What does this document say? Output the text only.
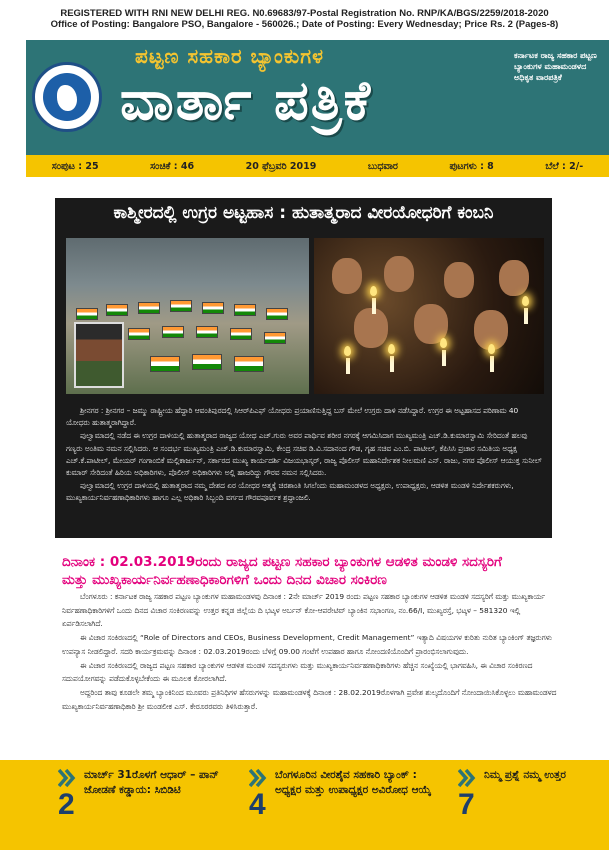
REGISTERED WITH RNI NEW DELHI REG. N0.69683/97-Postal Registration No. RNP/KA/BGS/2259/2018-2020
Office of Posting: Bangalore PSO, Bangalore - 560026.; Date of Posting: Every Wednesday; Price Rs. 2 (Pages-8)
ಪಟ್ಟಣ ಸಹಕಾರ ಬ್ಯಾಂಕುಗಳ
ವಾರ್ತಾ ಪತ್ರಿಕೆ
ಕರ್ನಾಟಕ ರಾಜ್ಯ ಸಹಕಾರ ಪಟ್ಟಣ ಬ್ಯಾಂಕುಗಳ ಮಹಾಮಂಡಳದ ಅಧಿಕೃತ ವಾರಪತ್ರಿಕೆ
ಸಂಪುಟ : 25	ಸಂಚಿಕೆ : 46	20 ಫೆಬ್ರವರಿ 2019	ಬುಧವಾರ	ಪುಟಗಳು : 8	ಬೆಲೆ : 2/-
ಕಾಶ್ಮೀರದಲ್ಲಿ ಉಗ್ರರ ಅಟ್ಟಹಾಸ : ಹುತಾತ್ಮರಾದ ವೀರಯೋಧರಿಗೆ ಕಂಬನಿ

ಶ್ರೀನಗರ : ಶ್ರೀನಗರ – ಜಮ್ಮು ರಾಷ್ಟ್ರೀಯ ಹೆದ್ದಾರಿ ಆವಂತಿಪುರದಲ್ಲಿ ಸಿಆರ್‌ಪಿಎಫ್ ಯೋಧರು ಪ್ರಯಾಣಿಸುತ್ತಿದ್ದ ಬಸ್ ಮೇಲೆ ಉಗ್ರರು ದಾಳಿ ನಡೆಸಿದ್ದಾರೆ. ಉಗ್ರರ ಈ ಅಟ್ಟಹಾಸದ ಪರಿಣಾಮ 40 ಯೋಧರು ಹುತಾತ್ಮರಾಗಿದ್ದಾರೆ.

ಪುಲ್ವಾಮಾದಲ್ಲಿ ನಡೆದ ಈ ಉಗ್ರರ ದಾಳಿಯಲ್ಲಿ ಹುತಾತ್ಮರಾದ ರಾಜ್ಯದ ಯೋಧ ಎಚ್.ಗುರು ಅವರ ಪಾರ್ಥಿವ ಶರೀರ ನಗರಕ್ಕೆ ಆಗಮಿಸಿದಾಗ ಮುಖ್ಯಮಂತ್ರಿ ಎಚ್.ಡಿ.ಕುಮಾರಸ್ವಾಮಿ ಸೇರಿದಂತೆ ಹಲವು ಗಣ್ಯರು ಅಂತಿಮ ನಮನ ಸಲ್ಲಿಸಿದರು. ಆ ಸಂದರ್ಭ ಮುಖ್ಯಮಂತ್ರಿ ಎಚ್.ಡಿ.ಕುಮಾರಸ್ವಾಮಿ, ಕೇಂದ್ರ ಸಚಿವ ಡಿ.ವಿ.ಸದಾನಂದ ಗೌಡ, ಗೃಹ ಸಚಿವ ಎಂ.ಬಿ. ಪಾಟೀಲ್, ಕೆಪಿಸಿಸಿ ಪ್ರಚಾರ ಸಮಿತಿಯ ಅಧ್ಯಕ್ಷ ಎಚ್.ಕೆ.ಪಾಟೀಲ್, ಮೇಯರ್ ಗಂಗಾಂಬಿಕೆ ಮಲ್ಲಿಕಾರ್ಜುನ್, ಸರ್ಕಾರದ ಮುಖ್ಯ ಕಾರ್ಯದರ್ಶಿ ವಿಜಯಭಾಸ್ಕರ್, ರಾಜ್ಯ ಪೊಲೀಸ್ ಮಹಾನಿರ್ದೇಶಕ ನೀಲಮಣಿ ಎನ್. ರಾಜು, ನಗರ ಪೊಲೀಸ್ ಆಯುಕ್ತ ಸುನೀಲ್ ಕುಮಾರ್ ಸೇರಿದಂತೆ ಹಿರಿಯ ಅಧಿಕಾರಿಗಳು, ಪೊಲೀಸ್ ಅಧಿಕಾರಿಗಳು ಅಲ್ಲಿ ಹಾಜರಿದ್ದು ಗೌರವ ನಮನ ಸಲ್ಲಿಸಿದರು.

ಪುಲ್ವಾಮಾದಲ್ಲಿ ಉಗ್ರರ ದಾಳಿಯಲ್ಲಿ ಹುತಾತ್ಮರಾದ ನಮ್ಮ ದೇಶದ ಏರ ಯೋಧರ ಆತ್ಮಕ್ಕೆ ಚಿರಶಾಂತಿ ಸಿಗಲೆಂದು ಮಹಾಮಂಡಳದ ಅಧ್ಯಕ್ಷರು, ಉಪಾಧ್ಯಕ್ಷರು, ಆಡಳಿತ ಮಂಡಳಿ ನಿರ್ದೇಶಕರುಗಳು, ಮುಖ್ಯಕಾರ್ಯನಿರ್ವಹಣಾಧಿಕಾರಿಗಳು ಹಾಗೂ ಎಲ್ಲ ಅಧಿಕಾರಿ ಸಿಬ್ಬಂದಿ ವರ್ಗದ ಗೌರವಪೂರ್ವಕ ಶ್ರದ್ಧಾಂಜಲಿ.

ದಿನಾಂಕ : 02.03.2019ರಂದು ರಾಜ್ಯದ ಪಟ್ಟಣ ಸಹಕಾರ ಬ್ಯಾಂಕುಗಳ ಆಡಳಿತ ಮಂಡಳಿ ಸದಸ್ಯರಿಗೆ
ಮತ್ತು ಮುಖ್ಯಕಾರ್ಯನಿರ್ವಹಣಾಧಿಕಾರಿಗಳಿಗೆ ಒಂದು ದಿನದ ವಿಚಾರ ಸಂಕಿರಣ

ಬೆಂಗಳೂರು : ಕರ್ನಾಟಕ ರಾಜ್ಯ ಸಹಕಾರ ಪಟ್ಟಣ ಬ್ಯಾಂಕುಗಳ ಮಹಾಮಂಡಳವು ದಿನಾಂಕ : 2ನೇ ಮಾರ್ಚ್ 2019 ರಂದು ಪಟ್ಟಣ ಸಹಕಾರ ಬ್ಯಾಂಕುಗಳ ಆಡಳಿತ ಮಂಡಳಿ ಸದಸ್ಯರಿಗೆ ಮತ್ತು ಮುಖ್ಯಕಾರ್ಯ ನಿರ್ವಹಣಾಧಿಕಾರಿಗಳಿಗೆ ಒಂದು ದಿನದ ವಿಚಾರ ಸಂಕಿರಣವನ್ನು ಉತ್ತರ ಕನ್ನಡ ಜಿಲ್ಲೆಯ ದಿ ಭಟ್ಕಳ ಅರ್ಬನ್ ಕೋ-ಆಪರೇಟಿವ್ ಬ್ಯಾಂಕಿನ ಸಭಾಂಗಣ, ನಂ.66/I, ಮುಖ್ಯರಸ್ತೆ, ಭಟ್ಕಳ – 581320 ಇಲ್ಲಿ ಏರ್ಪಡಿಸಲಾಗಿದೆ.

ಈ ವಿಚಾರ ಸಂಕಿರಣದಲ್ಲಿ “Role of Directors and CEOs, Business Development, Credit Management” ಇತ್ಯಾದಿ ವಿಷಯಗಳ ಕುರಿತು ನುರಿತ ಬ್ಯಾಂಕಿಂಗ್ ತಜ್ಞರುಗಳು ಉಪನ್ಯಾಸ ನೀಡಲಿದ್ದಾರೆ. ಸದರಿ ಕಾರ್ಯಕ್ರಮವನ್ನು ದಿನಾಂಕ : 02.03.2019ರಂದು ಬೆಳಿಗ್ಗೆ 09.00 ಗಂಟೆಗೆ ಉಪಹಾರ ಹಾಗೂ ನೋಂದಣಿಯೊಂದಿಗೆ ಪ್ರಾರಂಭಿಸಲಾಗುವುದು.

ಈ ವಿಚಾರ ಸಂಕಿರಣದಲ್ಲಿ ರಾಜ್ಯದ ಪಟ್ಟಣ ಸಹಕಾರ ಬ್ಯಾಂಕುಗಳ ಆಡಳಿತ ಮಂಡಳಿ ಸದಸ್ಯರುಗಳು ಮತ್ತು ಮುಖ್ಯಕಾರ್ಯನಿರ್ವಹಣಾಧಿಕಾರಿಗಳು ಹೆಚ್ಚಿನ ಸಂಖ್ಯೆಯಲ್ಲಿ ಭಾಗವಹಿಸಿ, ಈ ವಿಚಾರ ಸಂಕಿರಣದ ಸದುಪಯೋಗವನ್ನು ಪಡೆದುಕೊಳ್ಳಬೇಕೆಂದು ಈ ಮೂಲಕ ಕೋರಲಾಗಿದೆ.

ಅದ್ದರಿಂದ ತಾವು ಕೂಡಲೇ ತಮ್ಮ ಬ್ಯಾಂಕಿನಿಂದ ಮೂವರು ಪ್ರತಿನಿಧಿಗಳ ಹೆಸರುಗಳನ್ನು ಮಹಾಮಂಡಳಕ್ಕೆ ದಿನಾಂಕ : 28.02.2019ರೊಳಗಾಗಿ ಪ್ರವೇಶ ಶುಲ್ಕದೊಂದಿಗೆ ನೋಂದಾಯಿಸಿಕೊಳ್ಳಲು ಮಹಾಮಂಡಳದ ಮುಖ್ಯಕಾರ್ಯನಿರ್ವಹಣಾಧಿಕಾರಿ ಶ್ರೀ ಮಂಡಲೀಕ ಎಸ್. ಕೇರೂರರವರು ತಿಳಿಸಿರುತ್ತಾರೆ.

2
ಮಾರ್ಚ್ 31ರೊಳಗೆ ಆಧಾರ್ – ಪಾನ್ ಜೋಡಣೆ ಕಡ್ಡಾಯ: ಸಿಬಿಡಿಟಿ	4
ಬೆಂಗಳೂರಿನ ವೀರಶೈವ ಸಹಕಾರಿ ಬ್ಯಾಂಕ್ : ಅಧ್ಯಕ್ಷರ ಮತ್ತು ಉಪಾಧ್ಯಕ್ಷರ ಅವಿರೋಧ ಆಯ್ಕೆ 7
ನಿಮ್ಮ ಪ್ರಶ್ನೆ ನಮ್ಮ ಉತ್ತರ
